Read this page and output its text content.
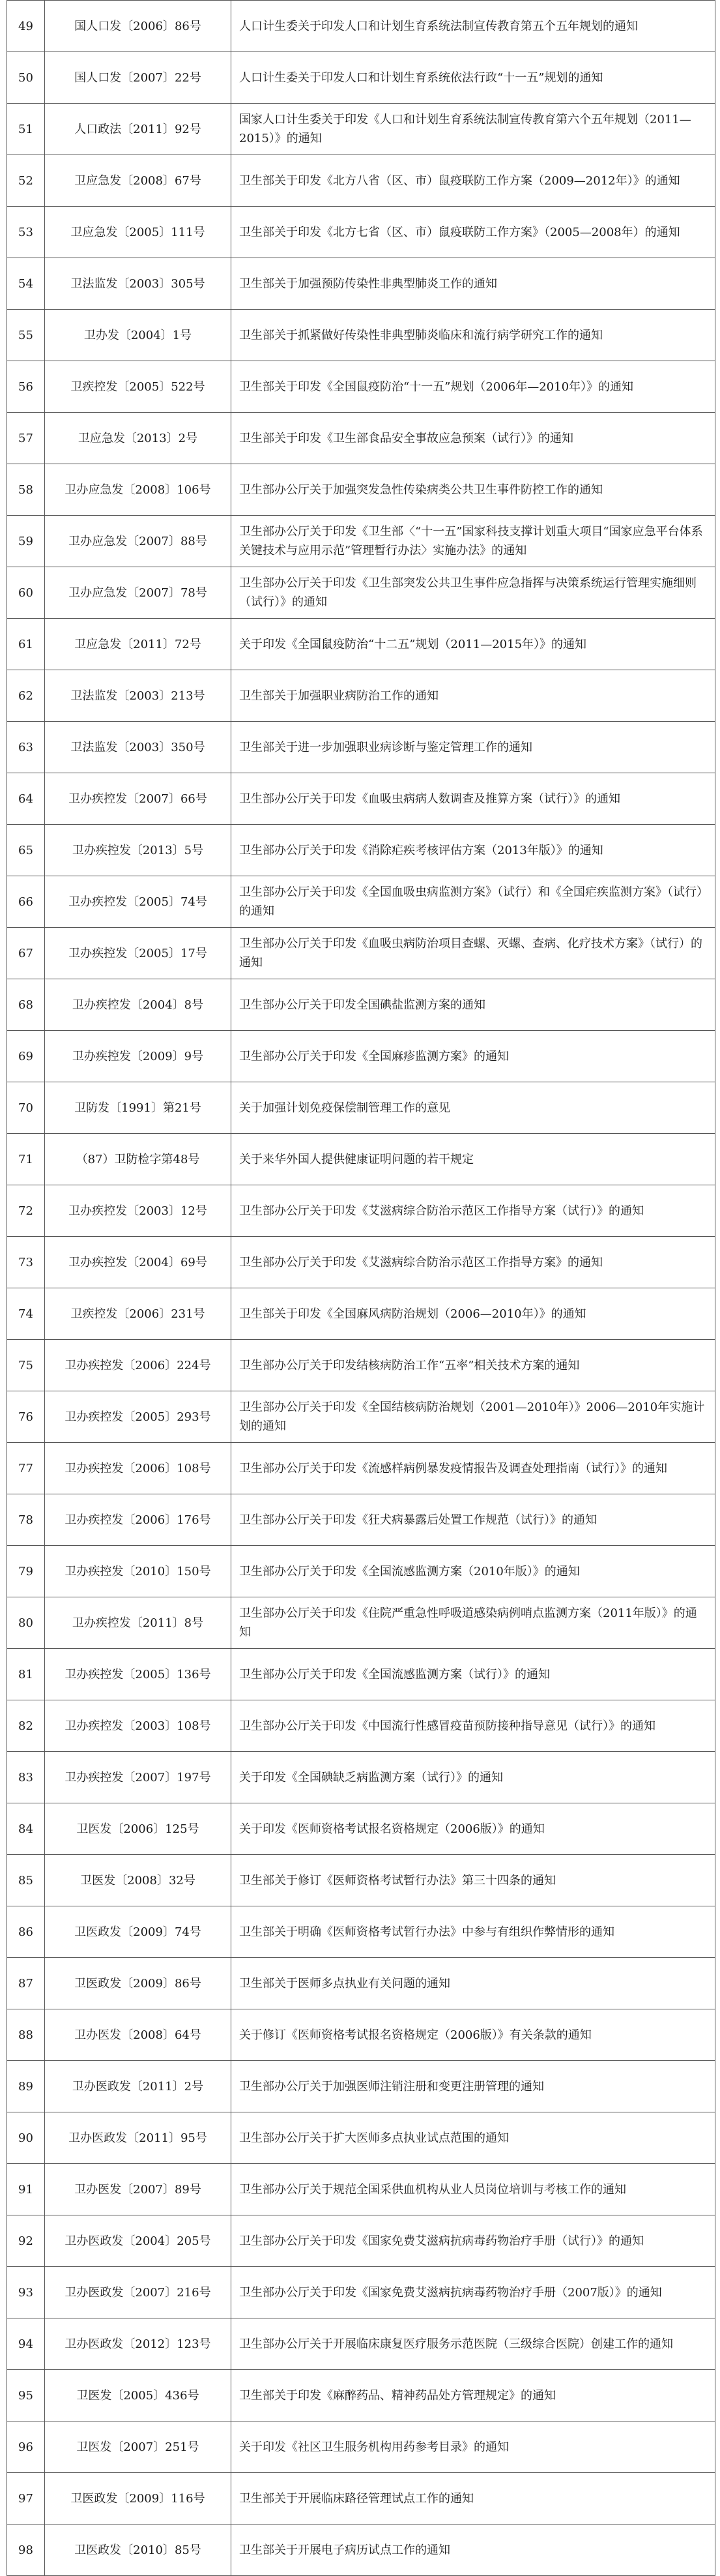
49	国人口发〔2006〕86号	人口计生委关于印发人口和计划生育系统法制宣传教育第五个五年规划的通知
50	国人口发〔2007〕22号	人口计生委关于印发人口和计划生育系统依法行政“十一五”规划的通知
51	人口政法〔2011〕92号	国家人口计生委关于印发《人口和计划生育系统法制宣传教育第六个五年规划（2011—2015）》的通知
52	卫应急发〔2008〕67号	卫生部关于印发《北方八省（区、市）鼠疫联防工作方案（2009—2012年）》的通知
53	卫应急发〔2005〕111号	卫生部关于印发《北方七省（区、市）鼠疫联防工作方案》（2005—2008年）的通知
54	卫法监发〔2003〕305号	卫生部关于加强预防传染性非典型肺炎工作的通知
55	卫办发〔2004〕1号	卫生部关于抓紧做好传染性非典型肺炎临床和流行病学研究工作的通知
56	卫疾控发〔2005〕522号	卫生部关于印发《全国鼠疫防治“十一五”规划（2006年—2010年）》的通知
57	卫应急发〔2013〕2号	卫生部关于印发《卫生部食品安全事故应急预案（试行）》的通知
58	卫办应急发〔2008〕106号	卫生部办公厅关于加强突发急性传染病类公共卫生事件防控工作的通知
59	卫办应急发〔2007〕88号	卫生部办公厅关于印发《卫生部〈“十一五”国家科技支撑计划重大项目“国家应急平台体系关键技术与应用示范”管理暂行办法〉实施办法》的通知
60	卫办应急发〔2007〕78号	卫生部办公厅关于印发《卫生部突发公共卫生事件应急指挥与决策系统运行管理实施细则（试行）》的通知
61	卫应急发〔2011〕72号	关于印发《全国鼠疫防治“十二五”规划（2011—2015年）》的通知
62	卫法监发〔2003〕213号	卫生部关于加强职业病防治工作的通知
63	卫法监发〔2003〕350号	卫生部关于进一步加强职业病诊断与鉴定管理工作的通知
64	卫办疾控发〔2007〕66号	卫生部办公厅关于印发《血吸虫病病人数调查及推算方案（试行）》的通知
65	卫办疾控发〔2013〕5号	卫生部办公厅关于印发《消除疟疾考核评估方案（2013年版）》的通知
66	卫办疾控发〔2005〕74号	卫生部办公厅关于印发《全国血吸虫病监测方案》（试行）和《全国疟疾监测方案》（试行）的通知
67	卫办疾控发〔2005〕17号	卫生部办公厅关于印发《血吸虫病防治项目查螺、灭螺、查病、化疗技术方案》（试行）的通知
68	卫办疾控发〔2004〕8号	卫生部办公厅关于印发全国碘盐监测方案的通知
69	卫办疾控发〔2009〕9号	卫生部办公厅关于印发《全国麻疹监测方案》的通知
70	卫防发〔1991〕第21号	关于加强计划免疫保偿制管理工作的意见
71	（87）卫防检字第48号	关于来华外国人提供健康证明问题的若干规定
72	卫办疾控发〔2003〕12号	卫生部办公厅关于印发《艾滋病综合防治示范区工作指导方案（试行）》的通知
73	卫办疾控发〔2004〕69号	卫生部办公厅关于印发《艾滋病综合防治示范区工作指导方案》的通知
74	卫疾控发〔2006〕231号	卫生部关于印发《全国麻风病防治规划（2006—2010年）》的通知
75	卫办疾控发〔2006〕224号	卫生部办公厅关于印发结核病防治工作“五率”相关技术方案的通知
76	卫办疾控发〔2005〕293号	卫生部办公厅关于印发《全国结核病防治规划（2001—2010年）》2006—2010年实施计划的通知
77	卫办疾控发〔2006〕108号	卫生部办公厅关于印发《流感样病例暴发疫情报告及调查处理指南（试行）》的通知
78	卫办疾控发〔2006〕176号	卫生部办公厅关于印发《狂犬病暴露后处置工作规范（试行）》的通知
79	卫办疾控发〔2010〕150号	卫生部办公厅关于印发《全国流感监测方案（2010年版）》的通知
80	卫办疾控发〔2011〕8号	卫生部办公厅关于印发《住院严重急性呼吸道感染病例哨点监测方案（2011年版）》的通知
81	卫办疾控发〔2005〕136号	卫生部办公厅关于印发《全国流感监测方案（试行）》的通知
82	卫办疾控发〔2003〕108号	卫生部办公厅关于印发《中国流行性感冒疫苗预防接种指导意见（试行）》的通知
83	卫办疾控发〔2007〕197号	关于印发《全国碘缺乏病监测方案（试行）》的通知
84	卫医发〔2006〕125号	关于印发《医师资格考试报名资格规定（2006版）》的通知
85	卫医发〔2008〕32号	卫生部关于修订《医师资格考试暂行办法》第三十四条的通知
86	卫医政发〔2009〕74号	卫生部关于明确《医师资格考试暂行办法》中参与有组织作弊情形的通知
87	卫医政发〔2009〕86号	卫生部关于医师多点执业有关问题的通知
88	卫办医发〔2008〕64号	关于修订《医师资格考试报名资格规定（2006版）》有关条款的通知
89	卫办医政发〔2011〕2号	卫生部办公厅关于加强医师注销注册和变更注册管理的通知
90	卫办医政发〔2011〕95号	卫生部办公厅关于扩大医师多点执业试点范围的通知
91	卫办医发〔2007〕89号	卫生部办公厅关于规范全国采供血机构从业人员岗位培训与考核工作的通知
92	卫办医政发〔2004〕205号	卫生部办公厅关于印发《国家免费艾滋病抗病毒药物治疗手册（试行）》的通知
93	卫办医政发〔2007〕216号	卫生部办公厅关于印发《国家免费艾滋病抗病毒药物治疗手册（2007版）》的通知
94	卫办医政发〔2012〕123号	卫生部办公厅关于开展临床康复医疗服务示范医院（三级综合医院）创建工作的通知
95	卫医发〔2005〕436号	卫生部关于印发《麻醉药品、精神药品处方管理规定》的通知
96	卫医发〔2007〕251号	关于印发《社区卫生服务机构用药参考目录》的通知
97	卫医政发〔2009〕116号	卫生部关于开展临床路径管理试点工作的通知
98	卫医政发〔2010〕85号	卫生部关于开展电子病历试点工作的通知
